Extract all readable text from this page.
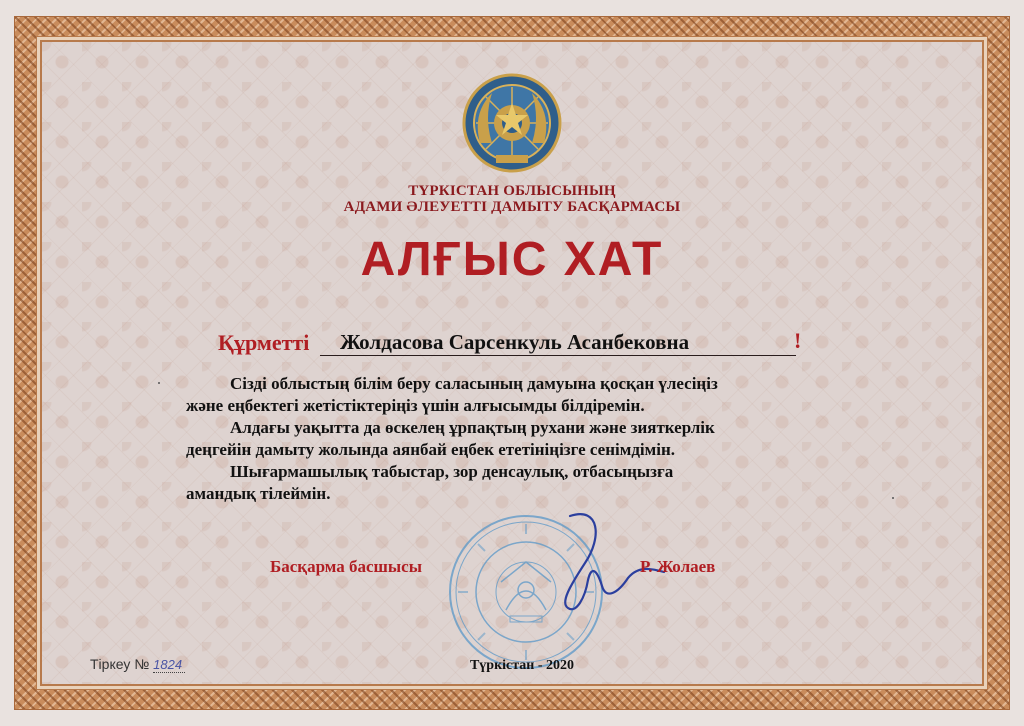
ТҮРКІСТАН ОБЛЫСЫНЫҢ
АДАМИ ӘЛЕУЕТТІ ДАМЫТУ БАСҚАРМАСЫ
АЛҒЫС ХАТ
Құрметті Жолдасова Сарсенкуль Асанбековна	!
Сізді облыстың білім беру саласының дамуына қосқан үлесіңіз
және еңбектегі жетістіктеріңіз үшін алғысымды білдіремін.
Алдағы уақытта да өскелең ұрпақтың рухани және зияткерлік
деңгейін дамыту жолында аянбай еңбек ететініңізге сенімдімін.
Шығармашылық табыстар, зор денсаулық, отбасыңызға
амандық тілеймін.
Басқарма басшысы	Р. Жолаев
Тіркеу № 1824	Түркістан - 2020
